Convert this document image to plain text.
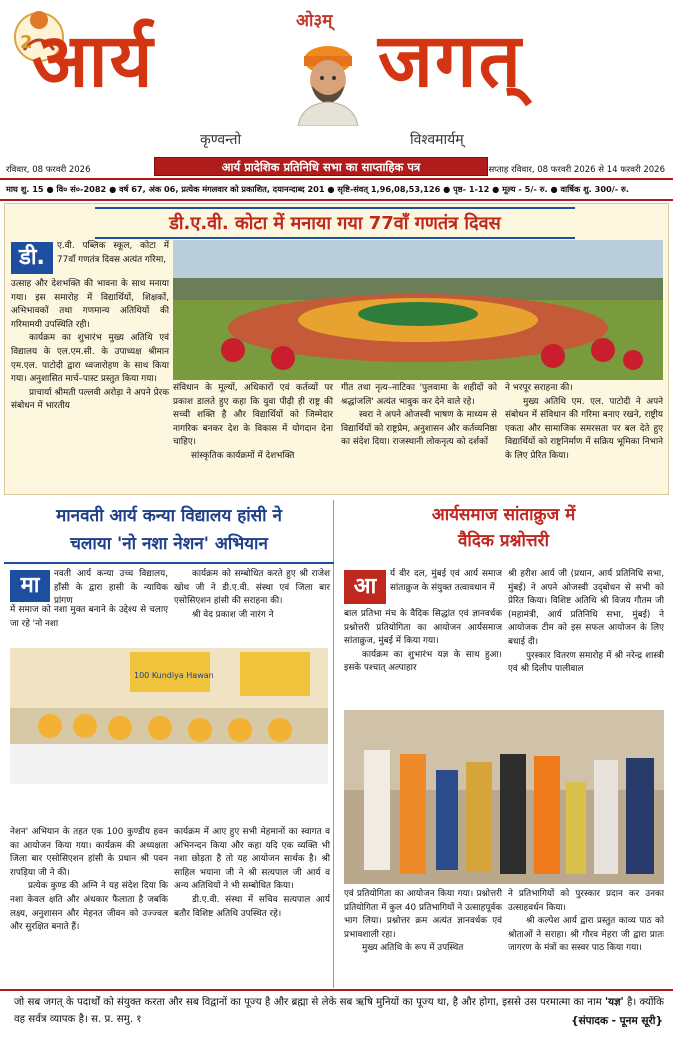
2
ओ३म्
आर्य	जगत्
कृण्वन्तो	विश्वमार्यम्
रविवार, 08 फरवरी 2026	आर्य प्रादेशिक प्रतिनिधि सभा का साप्ताहिक पत्र	सप्ताह रविवार, 08 फरवरी 2026 से 14 फरवरी 2026
माघ शु. 15 ● वि० सं०-2082 ● वर्ष 67, अंक 06, प्रत्येक मंगलवार को प्रकाशित, दयानन्दाब्द 201 ● सृष्टि-संवत् 1,96,08,53,126 ● पृष्ठ- 1-12 ● मूल्य - 5/- रु. ● वार्षिक शु. 300/- रु.
डी.ए.वी. कोटा में मनाया गया 77वाँ गणतंत्र दिवस
डी.	ए.वी. पब्लिक स्कूल, कोटा में 77वाँ गणतंत्र दिवस अत्यंत गरिमा,

उत्साह और देशभक्ति की भावना के साथ मनाया गया। इस समारोह में विद्यार्थियों, शिक्षकों, अभिभावकों तथा गणमान्य अतिथियों की गरिमामयी उपस्थिति रही।

कार्यक्रम का शुभारंभ मुख्य अतिथि एवं विद्यालय के एल.एम.सी. के उपाध्यक्ष श्रीमान एम.एल. पाटोदी द्वारा ध्वजारोहण के साथ किया गया। अनुशासित मार्च–पास्ट प्रस्तुत किया गया।

प्राचार्या श्रीमती पल्लवी अरोड़ा ने अपने प्रेरक संबोधन में भारतीय

संविधान के मूल्यों, अधिकारों एवं कर्तव्यों पर प्रकाश डालते हुए कहा कि युवा पीढ़ी ही राष्ट्र की सच्ची शक्ति है और विद्यार्थियों को जिम्मेदार नागरिक बनकर देश के विकास में योगदान देना चाहिए।

सांस्कृतिक कार्यक्रमों में देशभक्ति

गीत तथा नृत्य–नाटिका 'पुलवामा के शहीदों को श्रद्धांजलि' अत्यंत भावुक कर देने वाले रहे।

स्वरा ने अपने ओजस्वी भाषण के माध्यम से विद्यार्थियों को राष्ट्रप्रेम, अनुशासन और कर्तव्यनिष्ठा का संदेश दिया। राजस्थानी लोकनृत्य को दर्शकों

ने भरपूर सराहना की।

मुख्य अतिथि एम. एल. पाटोदी ने अपने संबोधन में संविधान की गरिमा बनाए रखने, राष्ट्रीय एकता और सामाजिक समरसता पर बल देते हुए विद्यार्थियों को राष्ट्रनिर्माण में सक्रिय भूमिका निभाने के लिए प्रेरित किया।

मानवती आर्य कन्या विद्यालय हांसी ने
चलाया 'नो नशा नेशन' अभियान
मा	नवती आर्य कन्या उच्च विद्यालय, हाँसी के द्वारा हासी के न्यायिक प्रांगण
में समाज को नशा मुक्त बनाने के उद्देश्य से चलाए जा रहे 'नो नशा

कार्यक्रम को सम्बोधित करते हुए श्री राजेश खोथ जी ने डी.ए.वी. संस्था एवं जिला बार एसोसिएशन हांसी की सराहना की।

श्री वेद प्रकाश जी नारंग ने

100 Kundiya Hawan

नेशन' अभियान के तहत एक 100 कुण्डीय हवन का आयोजन किया गया। कार्यक्रम की अध्यक्षता जिला बार एसोसिएशन हांसी के प्रधान श्री पवन रापड़िया जी ने की।

प्रत्येक कुण्ड की अग्नि ने यह संदेश दिया कि नशा केवल क्षति और अंधकार फैलाता है जबकि लक्ष्य, अनुशासन और मेहनत जीवन को उज्ज्वल और सुरक्षित बनाते हैं।

कार्यक्रम में आए हुए सभी मेहमानों का स्वागत व अभिनन्दन किया और कहा यदि एक व्यक्ति भी नशा छोड़ता है तो यह आयोजन सार्थक है। श्री साहिल भयाना जी ने श्री सत्यपाल जी आर्य व अन्य अतिथियों ने भी सम्बोधित किया।

डी.ए.वी. संस्था में सचिव सत्यपाल आर्य बतौर विशिष्ट अतिथि उपस्थित रहे।

आर्यसमाज सांताक्रुज में
वैदिक प्रश्नोत्तरी
आ	र्य वीर दल, मुंबई एवं आर्य समाज सांताक्रुज के संयुक्त तत्वावधान में

बाल प्रतिभा मंच के वैदिक सिद्धांत एवं ज्ञानवर्धक प्रश्नोत्तरी प्रतियोगिता का आयोजन आर्यसमाज सांताक्रुज, मुंबई में किया गया।

कार्यक्रम का शुभारंभ यज्ञ के साथ हुआ। इसके पश्चात् अल्पाहार

श्री हरीश आर्य जी (प्रधान, आर्य प्रतिनिधि सभा, मुंबई) ने अपने ओजस्वी उद्‌बोधन से सभी को प्रेरित किया। विशिष्ट अतिथि श्री विजय गौतम जी (महामंत्री, आर्य प्रतिनिधि सभा, मुंबई) ने आयोजक टीम को इस सफल आयोजन के लिए बधाई दी।

पुरस्कार वितरण समारोह में श्री नरेन्द्र शास्त्री एवं श्री दिलीप पालीवाल

एवं प्रतियोगिता का आयोजन किया गया। प्रश्नोत्तरी प्रतियोगिता में कुल 40 प्रतिभागियों ने उत्साहपूर्वक भाग लिया। प्रश्नोत्तर क्रम अत्यंत ज्ञानवर्धक एवं प्रभावशाली रहा।

मुख्य अतिथि के रूप में उपस्थित

ने प्रतिभागियों को पुरस्कार प्रदान कर उनका उत्साहवर्धन किया।

श्री कल्पेश आर्य द्वारा प्रस्तुत काव्य पाठ को श्रोताओं ने सराहा। श्री गौरव मेहरा जी द्वारा प्रातः जागरण के मंत्रों का सस्वर पाठ किया गया।

जो सब जगत् के पदार्थों को संयुक्त करता और सब विद्वानों का पूज्य है और ब्रह्मा से लेके सब ऋषि मुनियों का पूज्य था, है और होगा, इससे उस परमात्मा का नाम 'यज्ञ' है। क्योंकि वह सर्वत्र व्यापक है। स. प्र. समु. १	{संपादक - पूनम सूरी}
